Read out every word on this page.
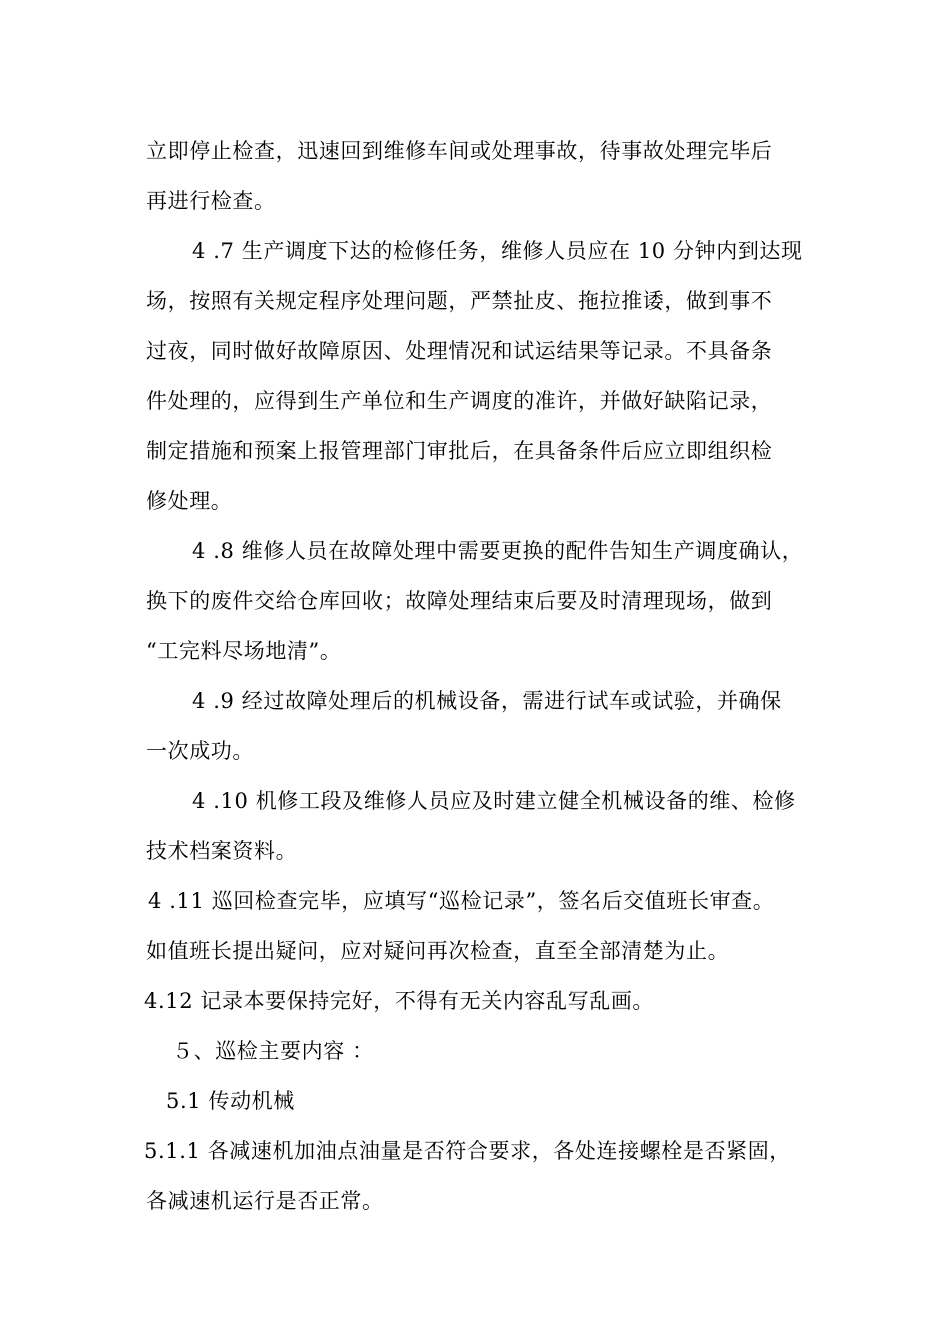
立即停止检查，迅速回到维修车间或处理事故，待事故处理完毕后
再进行检查。
4 .7 生产调度下达的检修任务，维修人员应在 10 分钟内到达现
场，按照有关规定程序处理问题，严禁扯皮、拖拉推诿，做到事不
过夜，同时做好故障原因、处理情况和试运结果等记录。不具备条
件处理的，应得到生产单位和生产调度的准许，并做好缺陷记录，
制定措施和预案上报管理部门审批后，在具备条件后应立即组织检
修处理。
4 .8 维修人员在故障处理中需要更换的配件告知生产调度确认，
换下的废件交给仓库回收；故障处理结束后要及时清理现场，做到
“工完料尽场地清”。
4 .9 经过故障处理后的机械设备，需进行试车或试验，并确保
一次成功。
4 .10 机修工段及维修人员应及时建立健全机械设备的维、检修
技术档案资料。
4 .11 巡回检查完毕，应填写“巡检记录”，签名后交值班长审查。
如值班长提出疑问，应对疑问再次检查，直至全部清楚为止。
4.12 记录本要保持完好，不得有无关内容乱写乱画。
５、巡检主要内容 ：
5.1 传动机械
5.1.1 各减速机加油点油量是否符合要求，各处连接螺栓是否紧固，
各减速机运行是否正常。
